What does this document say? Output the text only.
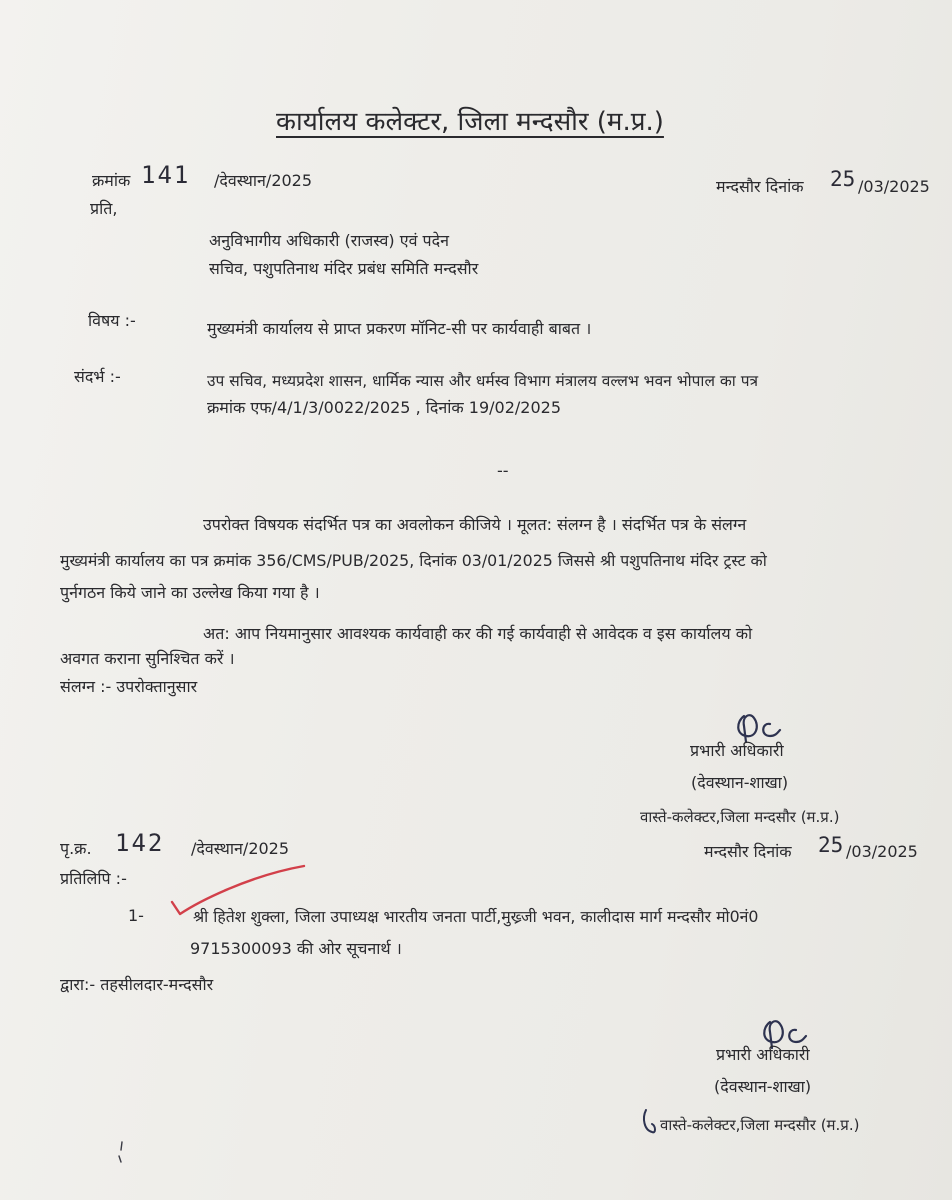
कार्यालय कलेक्टर, जिला मन्दसौर (म.प्र.)
क्रमांक 141 /देवस्थान/2025	मन्दसौर दिनांक 25 /03/2025
प्रति,
अनुविभागीय अधिकारी (राजस्व) एवं पदेन
सचिव, पशुपतिनाथ मंदिर प्रबंध समिति मन्दसौर
विषय :-	मुख्यमंत्री कार्यालय से प्राप्त प्रकरण मॉनिट-सी पर कार्यवाही बाबत ।
संदर्भ :-	उप सचिव, मध्यप्रदेश शासन, धार्मिक न्यास और धर्मस्व विभाग मंत्रालय वल्लभ भवन भोपाल का पत्र
क्रमांक एफ/4/1/3/0022/2025 , दिनांक 19/02/2025
--
उपरोक्त विषयक संदर्भित पत्र का अवलोकन कीजिये । मूलत: संलग्न है । संदर्भित पत्र के संलग्न
मुख्यमंत्री कार्यालय का पत्र क्रमांक 356/CMS/PUB/2025, दिनांक 03/01/2025 जिससे श्री पशुपतिनाथ मंदिर ट्रस्ट को
पुर्नगठन किये जाने का उल्लेख किया गया है ।
अत: आप नियमानुसार आवश्यक कार्यवाही कर की गई कार्यवाही से आवेदक व इस कार्यालय को
अवगत कराना सुनिश्चित करें ।
संलग्न :- उपरोक्तानुसार
प्रभारी अधिकारी
(देवस्थान-शाखा)
वास्ते-कलेक्टर,जिला मन्दसौर (म.प्र.)
पृ.क्र. 142 /देवस्थान/2025	मन्दसौर दिनांक 25 /03/2025
प्रतिलिपि :-
1-	श्री हितेश शुक्ला, जिला उपाध्यक्ष भारतीय जनता पार्टी,मुख्र्जी भवन, कालीदास मार्ग मन्दसौर मो0नं0
9715300093 की ओर सूचनार्थ ।
द्वारा:- तहसीलदार-मन्दसौर
प्रभारी अधिकारी
(देवस्थान-शाखा)
वास्ते-कलेक्टर,जिला मन्दसौर (म.प्र.)
